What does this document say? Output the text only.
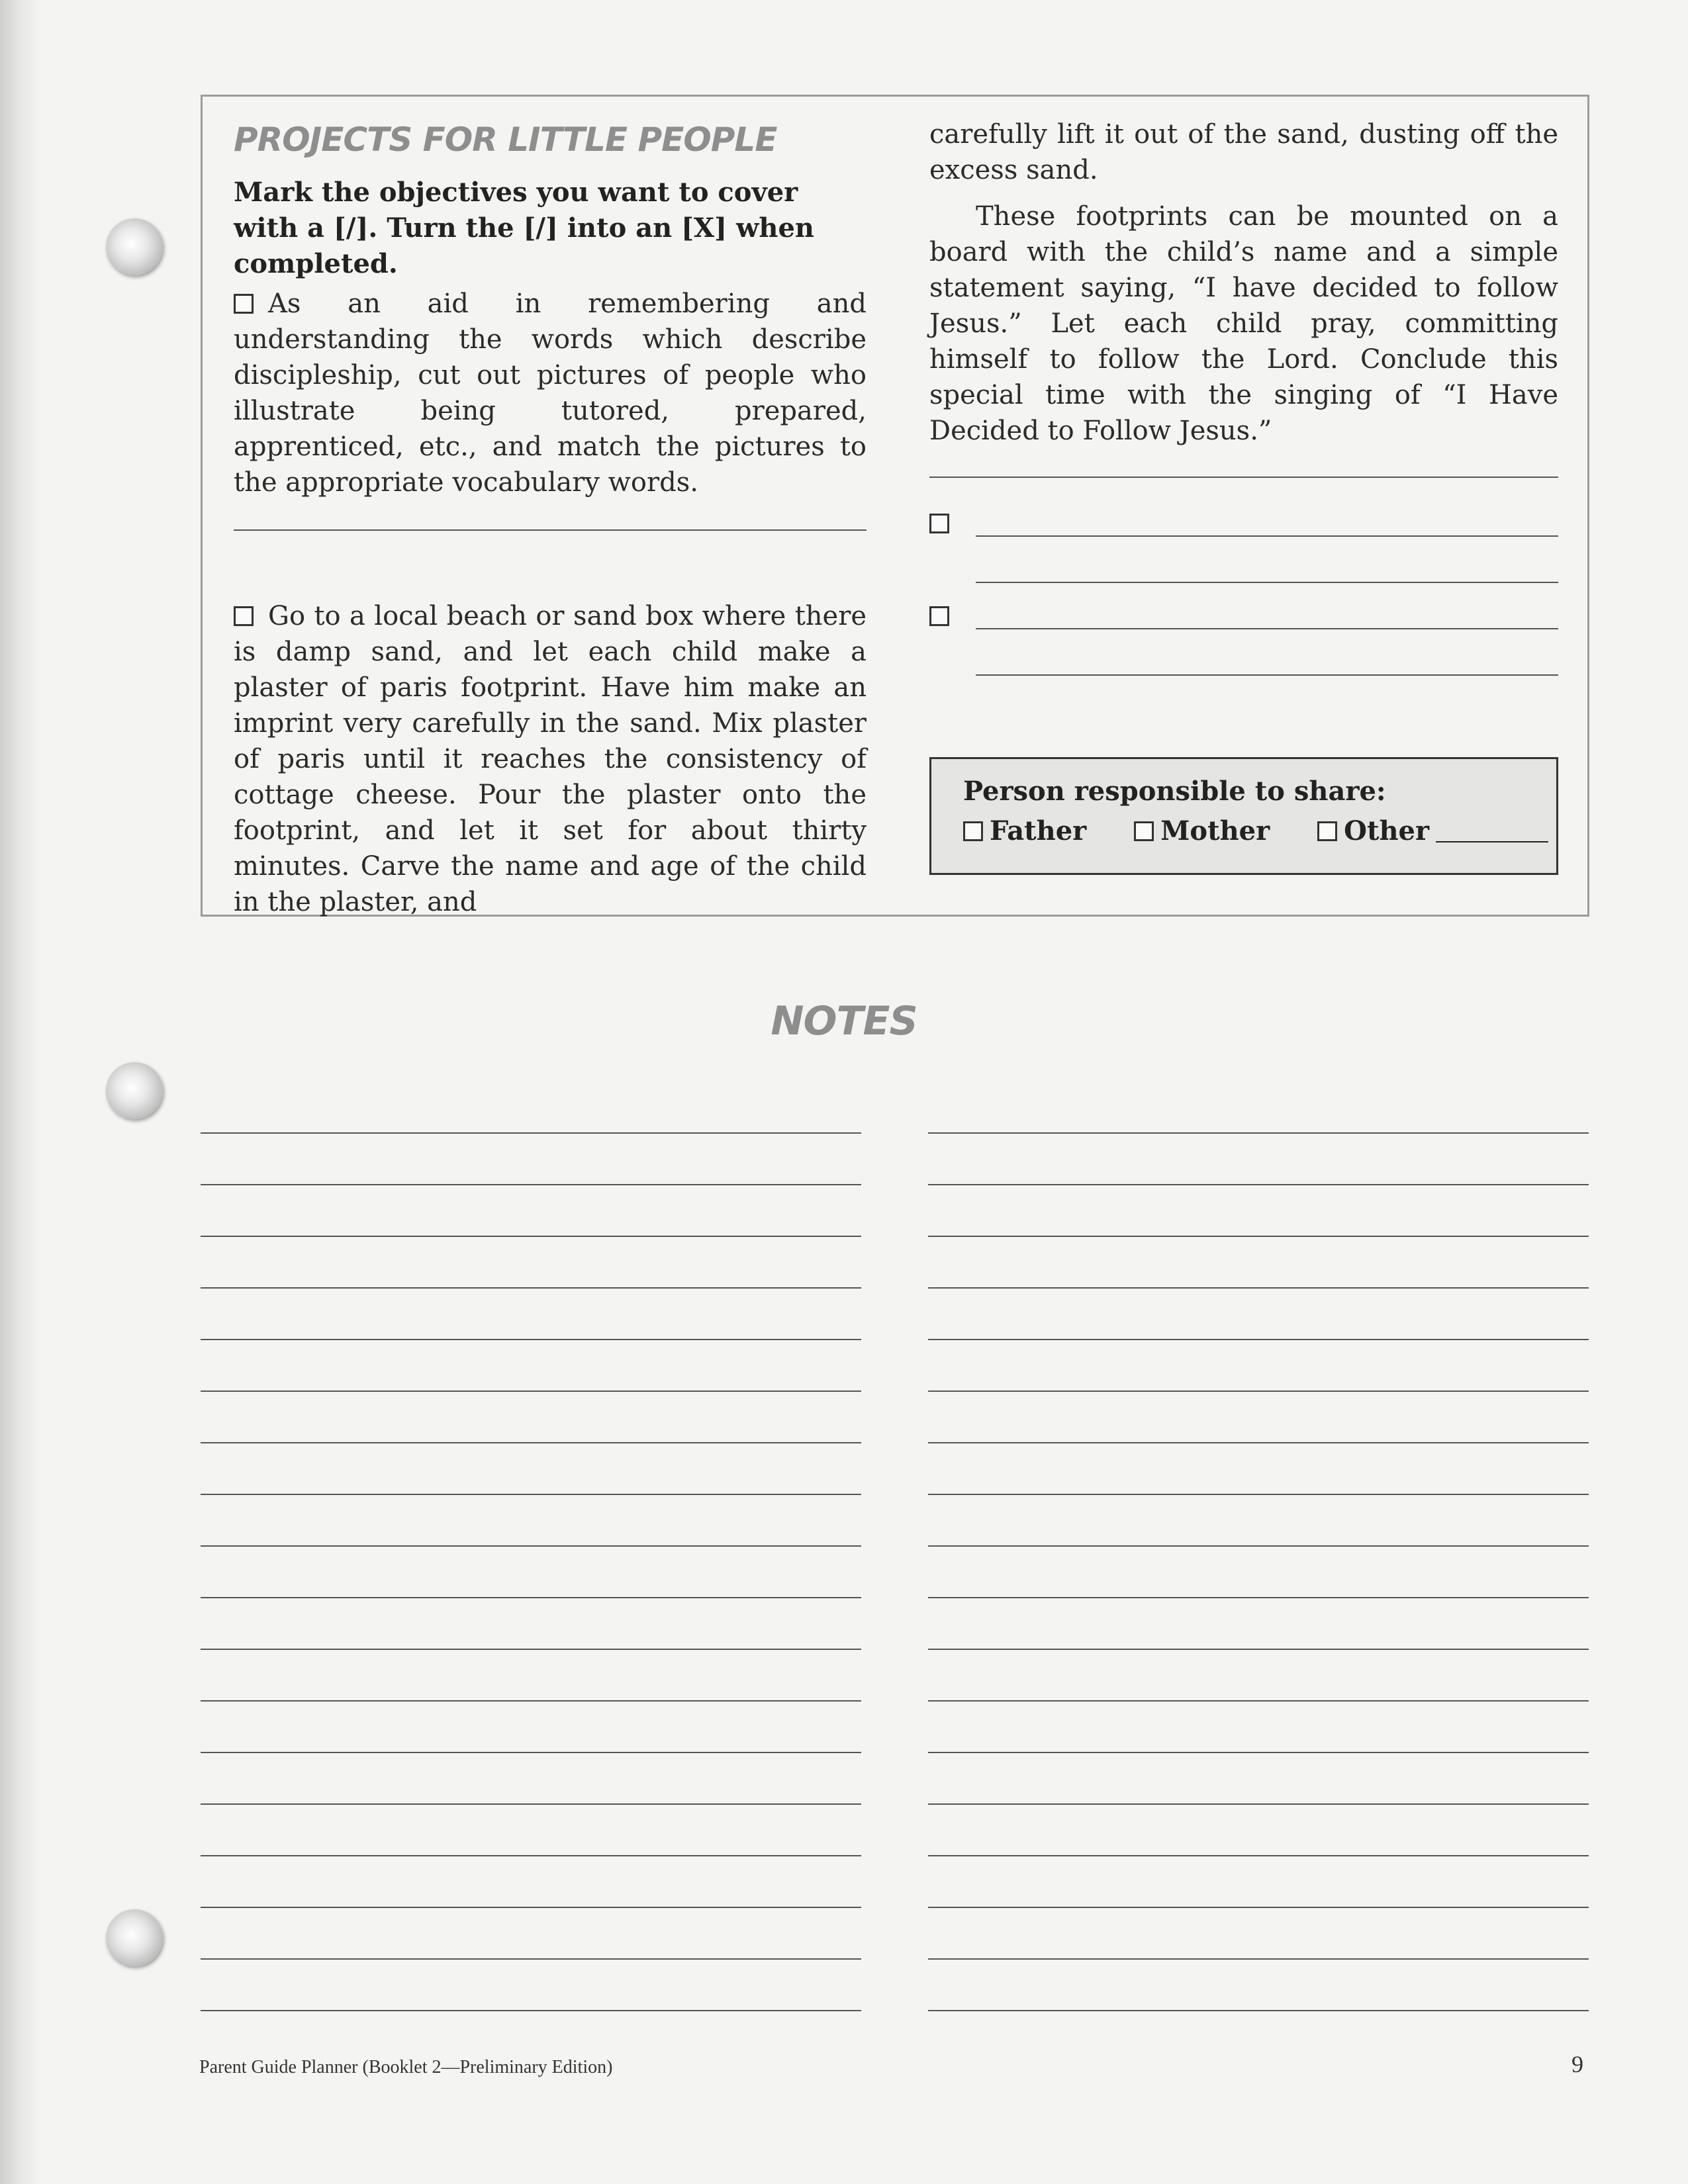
PROJECTS FOR LITTLE PEOPLE

Mark the objectives you want to cover with a [/]. Turn the [/] into an [X] when completed.

As an aid in remembering and understanding the words which describe discipleship, cut out pictures of people who illustrate being tutored, prepared, apprenticed, etc., and match the pictures to the appropriate vocabulary words.

Go to a local beach or sand box where there is damp sand, and let each child make a plaster of paris footprint. Have him make an imprint very carefully in the sand. Mix plaster of paris until it reaches the consistency of cottage cheese. Pour the plaster onto the footprint, and let it set for about thirty minutes. Carve the name and age of the child in the plaster, and

carefully lift it out of the sand, dusting off the excess sand.

These footprints can be mounted on a board with the child’s name and a simple statement saying, “I have decided to follow Jesus.” Let each child pray, committing himself to follow the Lord. Conclude this special time with the singing of “I Have Decided to Follow Jesus.”

Person responsible to share:
Father	Mother	Other
NOTES
Parent Guide Planner (Booklet 2—Preliminary Edition)	9
